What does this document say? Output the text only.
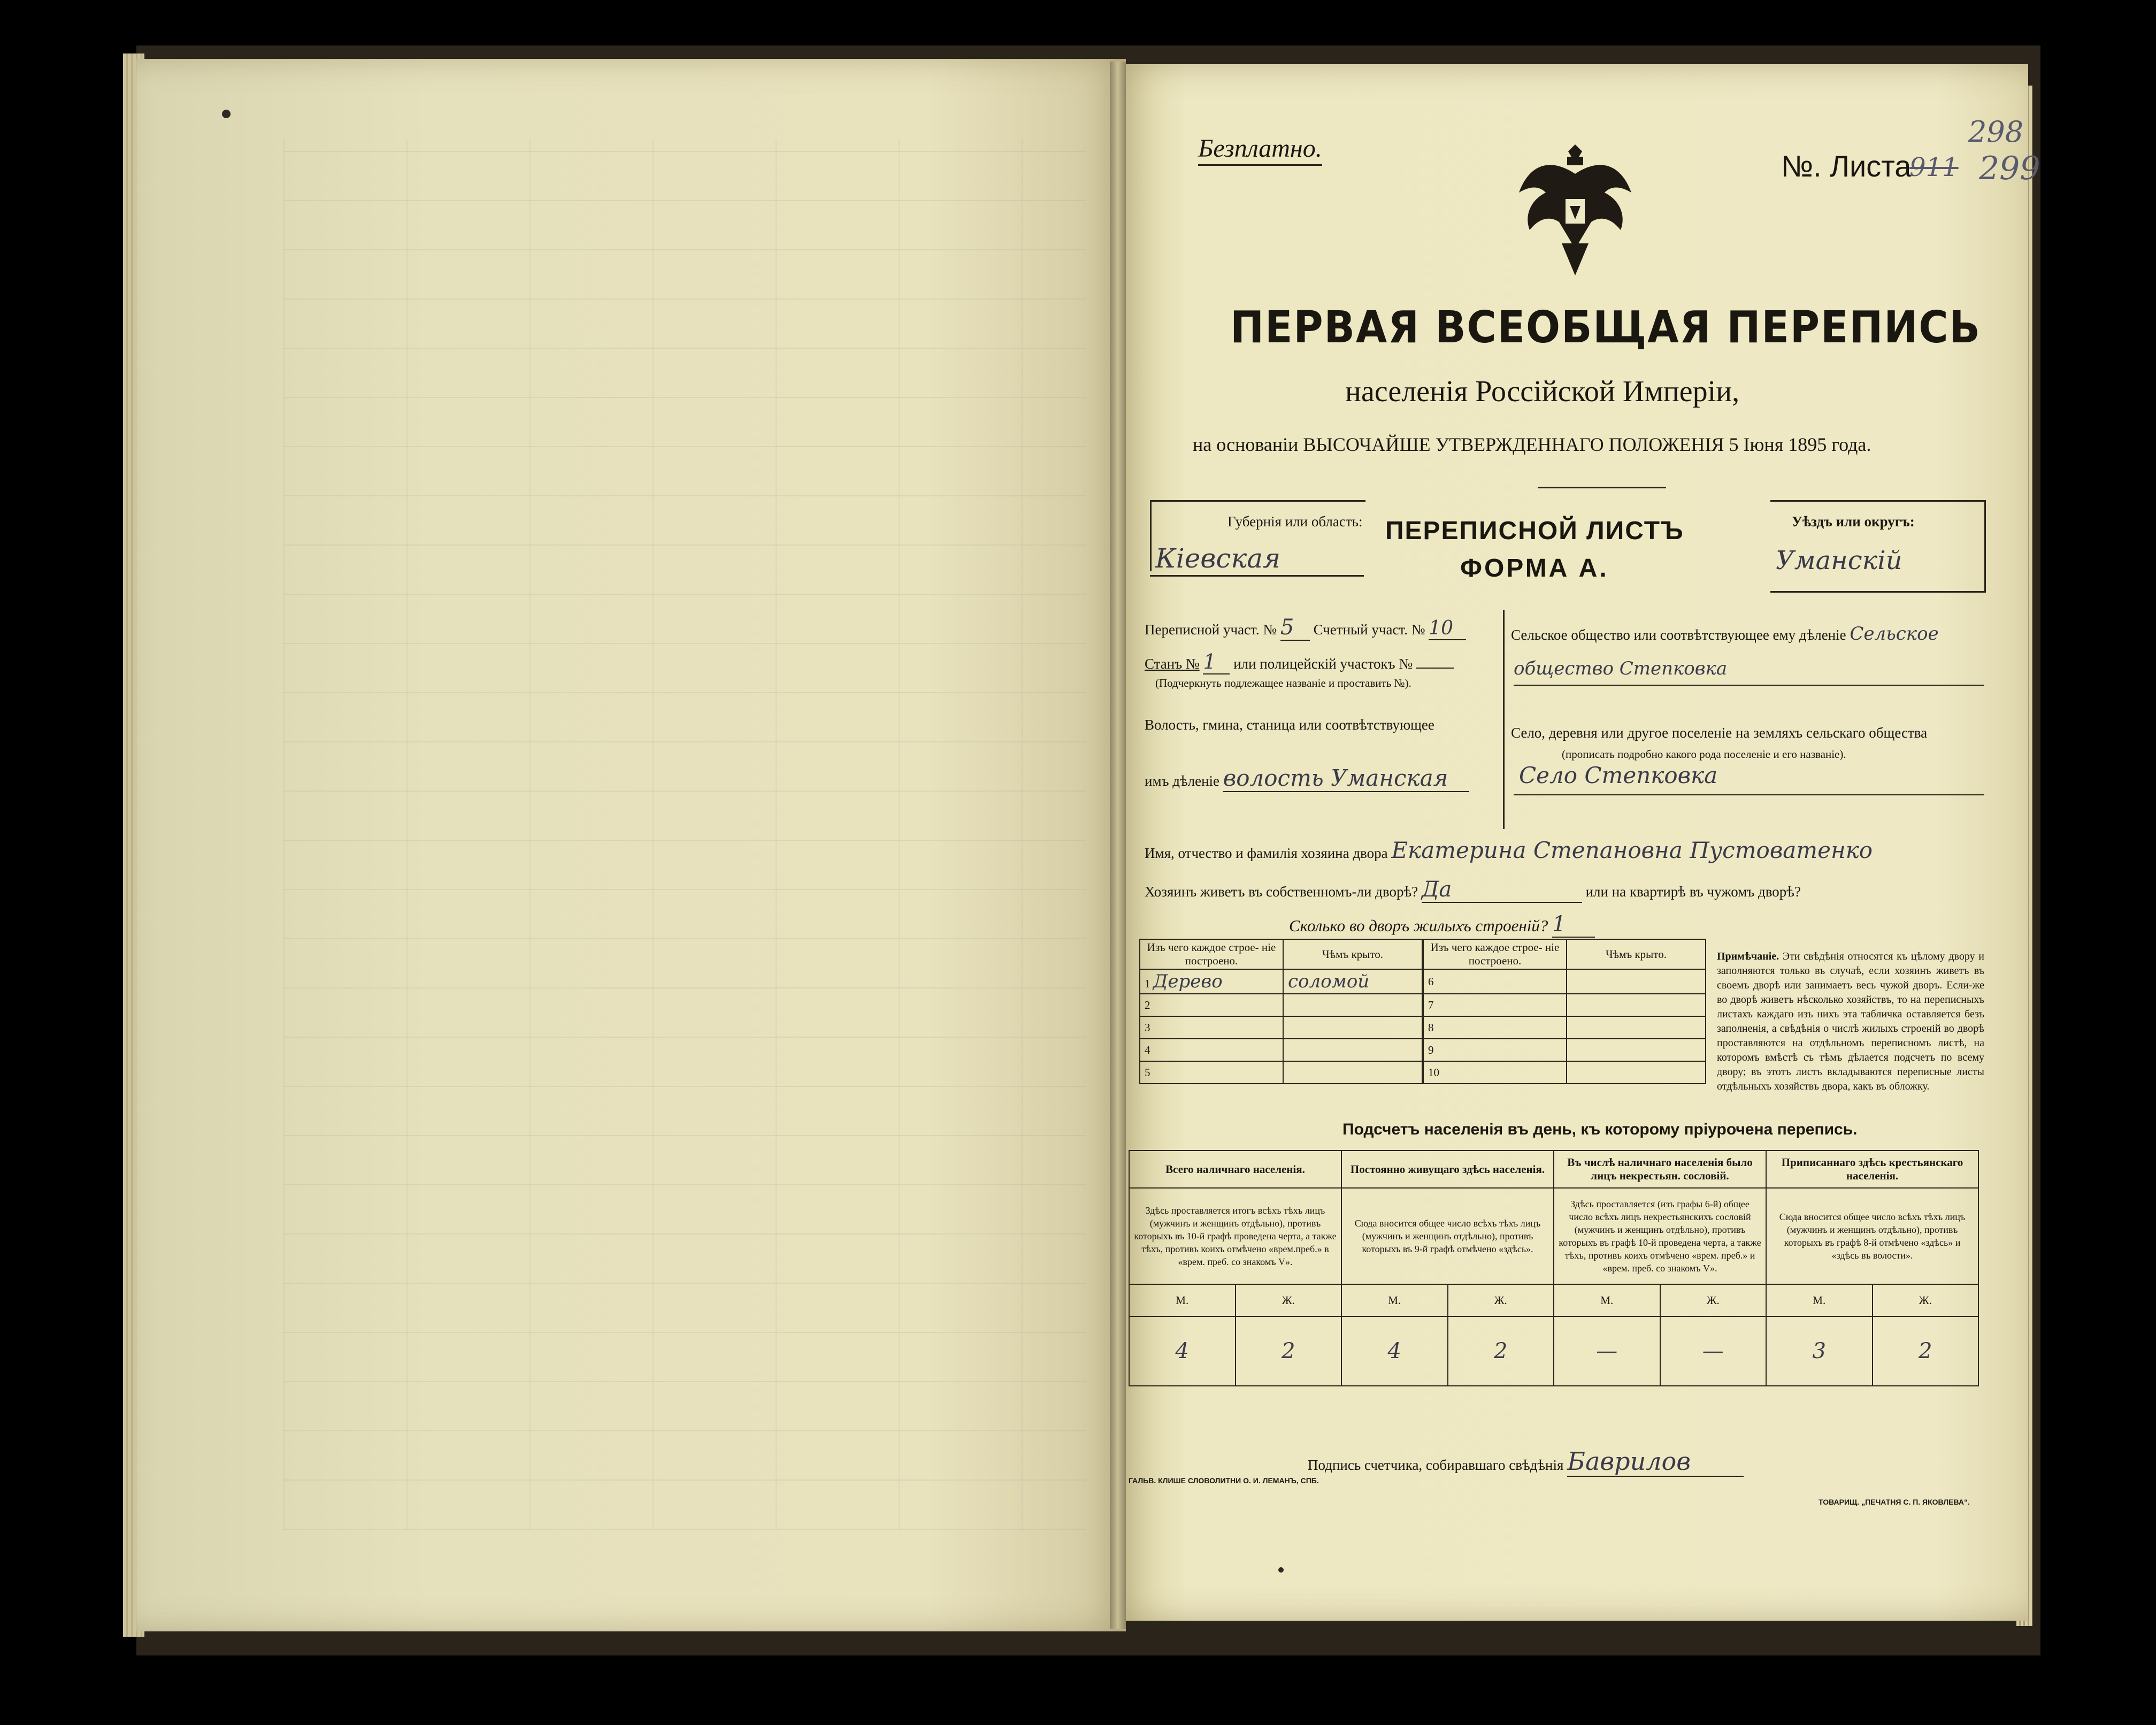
Безплатно.
№. Листа
911
298
299
ПЕРВАЯ ВСЕОБЩАЯ ПЕРЕПИСЬ
населенія Россійской Имперіи,
на основаніи ВЫСОЧАЙШЕ УТВЕРЖДЕННАГО ПОЛОЖЕНІЯ 5 Іюня 1895 года.
Губернія или область:
Кіевская
ПЕРЕПИСНОЙ ЛИСТЪ
ФОРМА А.
Уѣздъ или округъ:
Уманскій
Переписной участ. № 5 Счетный участ. № 10
Станъ № 1 или полицейскій участокъ №
(Подчеркнуть подлежащее названіе и проставить №).
Волость, гмина, станица или соотвѣтствующее
имъ дѣленіе волость Уманская
Сельское общество или соотвѣтствующее ему дѣленіе Сельское
общество Степковка
Село, деревня или другое поселеніе на земляхъ сельскаго общества
(прописать подробно какого рода поселеніе и его названіе).
Село Степковка
Имя, отчество и фамилія хозяина двора Екатерина Степановна Пустоватенко
Хозяинъ живетъ въ собственномъ-ли дворѣ? Да	или на квартирѣ въ чужомъ дворѣ?
Сколько во дворъ жилыхъ строеній? 1
Изъ чего каждое строе- ніе построено.	Чѣмъ крыто.
1 Дерево	соломой
2	
3	
4	
5	
Изъ чего каждое строе- ніе построено.	Чѣмъ крыто.
6	
7	
8	
9	
10	
Примѣчаніе. Эти свѣдѣнія относятся къ цѣлому двору и заполняются только въ случаѣ, если хозяинъ живетъ въ своемъ дворѣ или занимаетъ весь чужой дворъ. Если-же во дворѣ живетъ нѣсколько хозяйствъ, то на переписныхъ листахъ каждаго изъ нихъ эта табличка оставляется безъ заполненія, а свѣдѣнія о числѣ жилыхъ строеній во дворѣ проставляются на отдѣльномъ переписномъ листѣ, на которомъ вмѣстѣ съ тѣмъ дѣлается подсчетъ по всему двору; въ этотъ листъ вкладываются переписные листы отдѣльныхъ хозяйствъ двора, какъ въ обложку.
Подсчетъ населенія въ день, къ которому пріурочена перепись.
Всего наличнаго населенія.		Постоянно живущаго здѣсь населенія.		Въ числѣ наличнаго населенія было лицъ некрестьян. сословій.		Приписаннаго здѣсь крестьянскаго населенія.	
Здѣсь проставляется итогъ всѣхъ тѣхъ лицъ (мужчинъ и женщинъ отдѣльно), противъ которыхъ въ 10-й графѣ проведена черта, а также тѣхъ, противъ коихъ отмѣчено «врем.преб.» в «врем. преб. со знакомъ V».		Сюда вносится общее число всѣхъ тѣхъ лицъ (мужчинъ и женщинъ отдѣльно), противъ которыхъ въ 9-й графѣ отмѣчено «здѣсь».		Здѣсь проставляется (изъ графы 6-й) общее число всѣхъ лицъ некрестьянскихъ сословій (мужчинъ и женщинъ отдѣльно), противъ которыхъ въ графѣ 10-й проведена черта, а также тѣхъ, противъ коихъ отмѣчено «врем. преб.» и «врем. преб. со знакомъ V».		Сюда вносится общее число всѣхъ тѣхъ лицъ (мужчинъ и женщинъ отдѣльно), противъ которыхъ въ графѣ 8-й отмѣчено «здѣсь» и «здѣсь въ волости».	
М.	Ж.	М.	Ж.	М.	Ж.	М.	Ж.
4	2	4	2	—	—	3	2
Подпись счетчика, собиравшаго свѣдѣнія Баврилов
ГАЛЬВ. КЛИШЕ СЛОВОЛИТНИ О. И. ЛЕМАНЪ, СПБ.
ТОВАРИЩ. „ПЕЧАТНЯ С. П. ЯКОВЛЕВА“.
